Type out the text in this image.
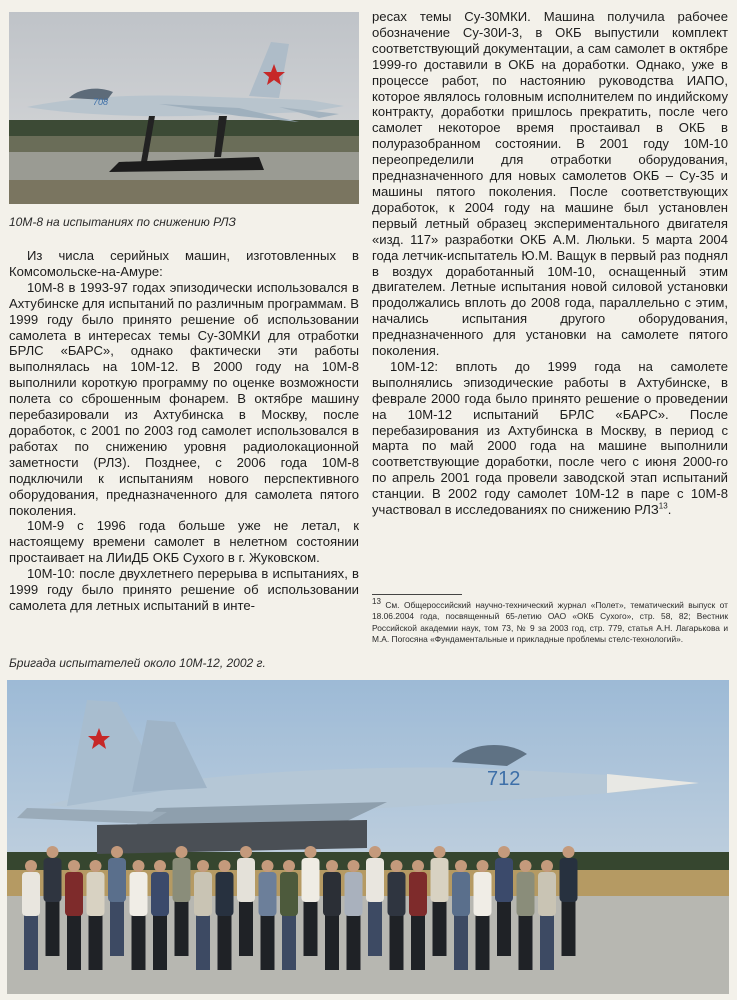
708
10М-8 на испытаниях по снижению РЛЗ

Из числа серийных машин, изготовленных в Комсомольске-на-Амуре:

10М-8 в 1993-97 годах эпизодически использовался в Ахтубинске для испытаний по различным программам. В 1999 году было принято решение об использовании самолета в интересах темы Су-30МКИ для отработки БРЛС «БАРС», однако фактически эти работы выполнялась на 10М-12. В 2000 году на 10М-8 выполнили короткую программу по оценке возможности полета со сброшенным фонарем. В октябре машину перебазировали из Ахтубинска в Москву, после доработок, с 2001 по 2003 год самолет использовался в работах по снижению уровня радиолокационной заметности (РЛЗ). Позднее, с 2006 года 10М-8 подключили к испытаниям нового перспективного оборудования, предназначенного для самолета пятого поколения.

10М-9 с 1996 года больше уже не летал, к настоящему времени самолет в нелетном состоянии простаивает на ЛИиДБ ОКБ Сухого в г. Жуковском.

10М-10: после двухлетнего перерыва в испытаниях, в 1999 году было принято решение об использовании самолета для летных испытаний в инте-

ресах темы Су-30МКИ. Машина получила рабочее обозначение Су-30И-3, в ОКБ выпустили комплект соответствующий документации, а сам самолет в октябре 1999-го доставили в ОКБ на доработки. Однако, уже в процессе работ, по настоянию руководства ИАПО, которое являлось головным исполнителем по индийскому контракту, доработки пришлось прекратить, после чего самолет некоторое время простаивал в ОКБ в полуразобранном состоянии. В 2001 году 10М-10 переопределили для отработки оборудования, предназначенного для новых самолетов ОКБ – Су-35 и машины пятого поколения. После соответствующих доработок, к 2004 году на машине был установлен первый летный образец экспериментального двигателя «изд. 117» разработки ОКБ А.М. Люльки. 5 марта 2004 года летчик-испытатель Ю.М. Ващук в первый раз поднял в воздух доработанный 10М-10, оснащенный этим двигателем. Летные испытания новой силовой установки продолжались вплоть до 2008 года, параллельно с этим, начались испытания другого оборудования, предназначенного для установки на самолете пятого поколения.

10М-12: вплоть до 1999 года на самолете выполнялись эпизодические работы в Ахтубинске, в феврале 2000 года было принято решение о проведении на 10М-12 испытаний БРЛС «БАРС». После перебазирования из Ахтубинска в Москву, в период с марта по май 2000 года на машине выполнили соответствующие доработки, после чего с июня 2000-го по апрель 2001 года провели заводской этап испытаний станции. В 2002 году самолет 10М-12 в паре с 10М-8 участвовал в исследованиях по снижению РЛЗ$^{13}$.

$^{13}$ См. Общероссийский научно-технический журнал «Полет», тематический выпуск от 18.06.2004 года, посвященный 65-летию ОАО «ОКБ Сухого», стр. 58, 82; Вестник Российской академии наук, том 73, № 9 за 2003 год, стр. 779, статья А.Н. Лагарькова и М.А. Погосяна «Фундаментальные и прикладные проблемы стелс-технологий».
Бригада испытателей около 10М-12, 2002 г.
712
